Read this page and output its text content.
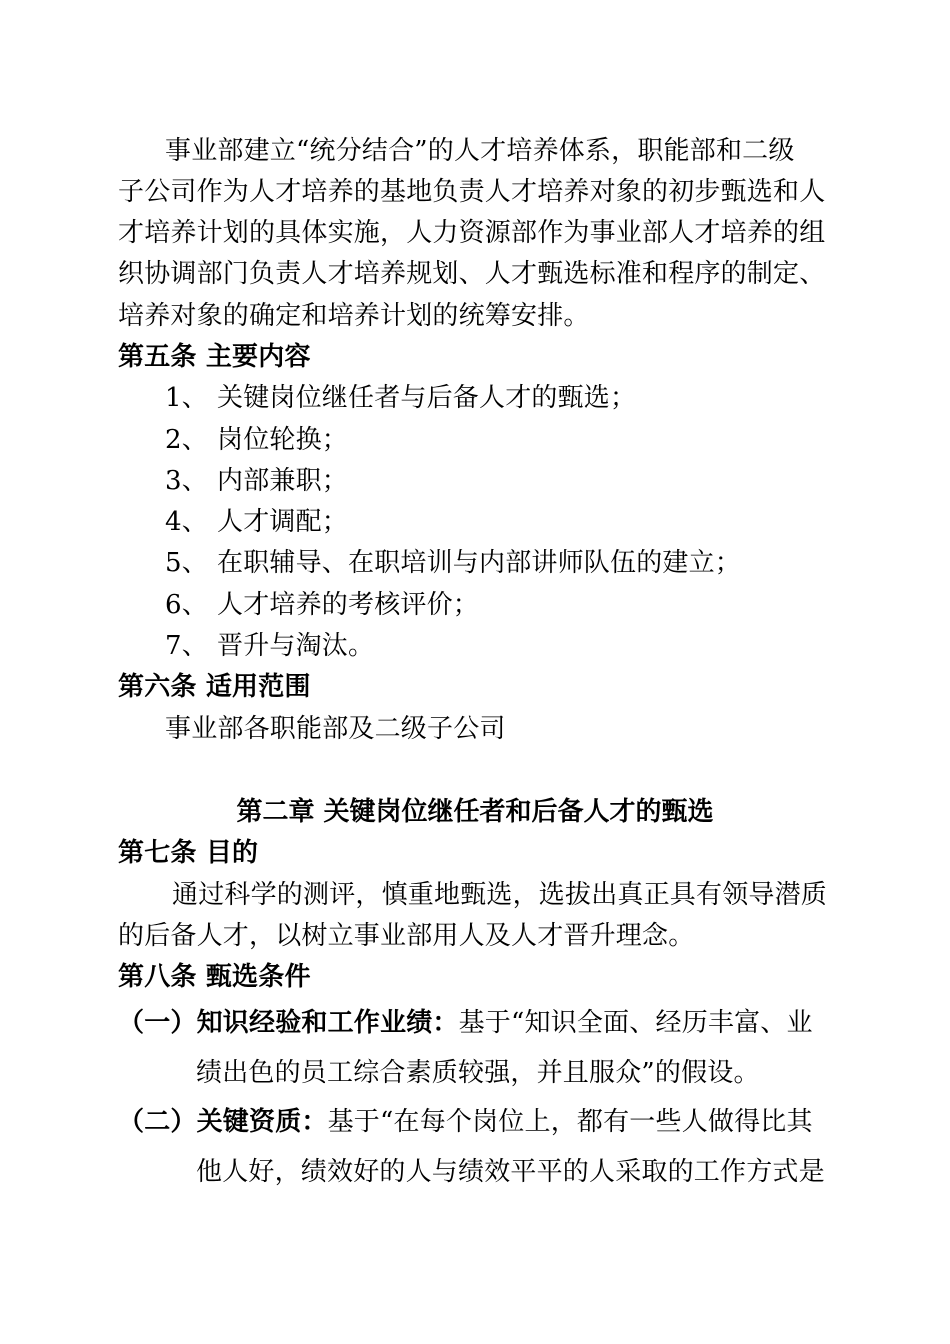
事业部建立“统分结合”的人才培养体系，职能部和二级
子公司作为人才培养的基地负责人才培养对象的初步甄选和人
才培养计划的具体实施，人力资源部作为事业部人才培养的组
织协调部门负责人才培养规划、人才甄选标准和程序的制定、
培养对象的确定和培养计划的统筹安排。
第五条 主要内容
1、 关键岗位继任者与后备人才的甄选；
2、 岗位轮换；
3、 内部兼职；
4、 人才调配；
5、 在职辅导、在职培训与内部讲师队伍的建立；
6、 人才培养的考核评价；
7、 晋升与淘汰。
第六条 适用范围
事业部各职能部及二级子公司
第二章 关键岗位继任者和后备人才的甄选
第七条 目的
通过科学的测评，慎重地甄选，选拔出真正具有领导潜质
的后备人才，以树立事业部用人及人才晋升理念。
第八条 甄选条件
（一）知识经验和工作业绩：基于“知识全面、经历丰富、业
绩出色的员工综合素质较强，并且服众”的假设。
（二）关键资质：基于“在每个岗位上，都有一些人做得比其
他人好，绩效好的人与绩效平平的人采取的工作方式是
